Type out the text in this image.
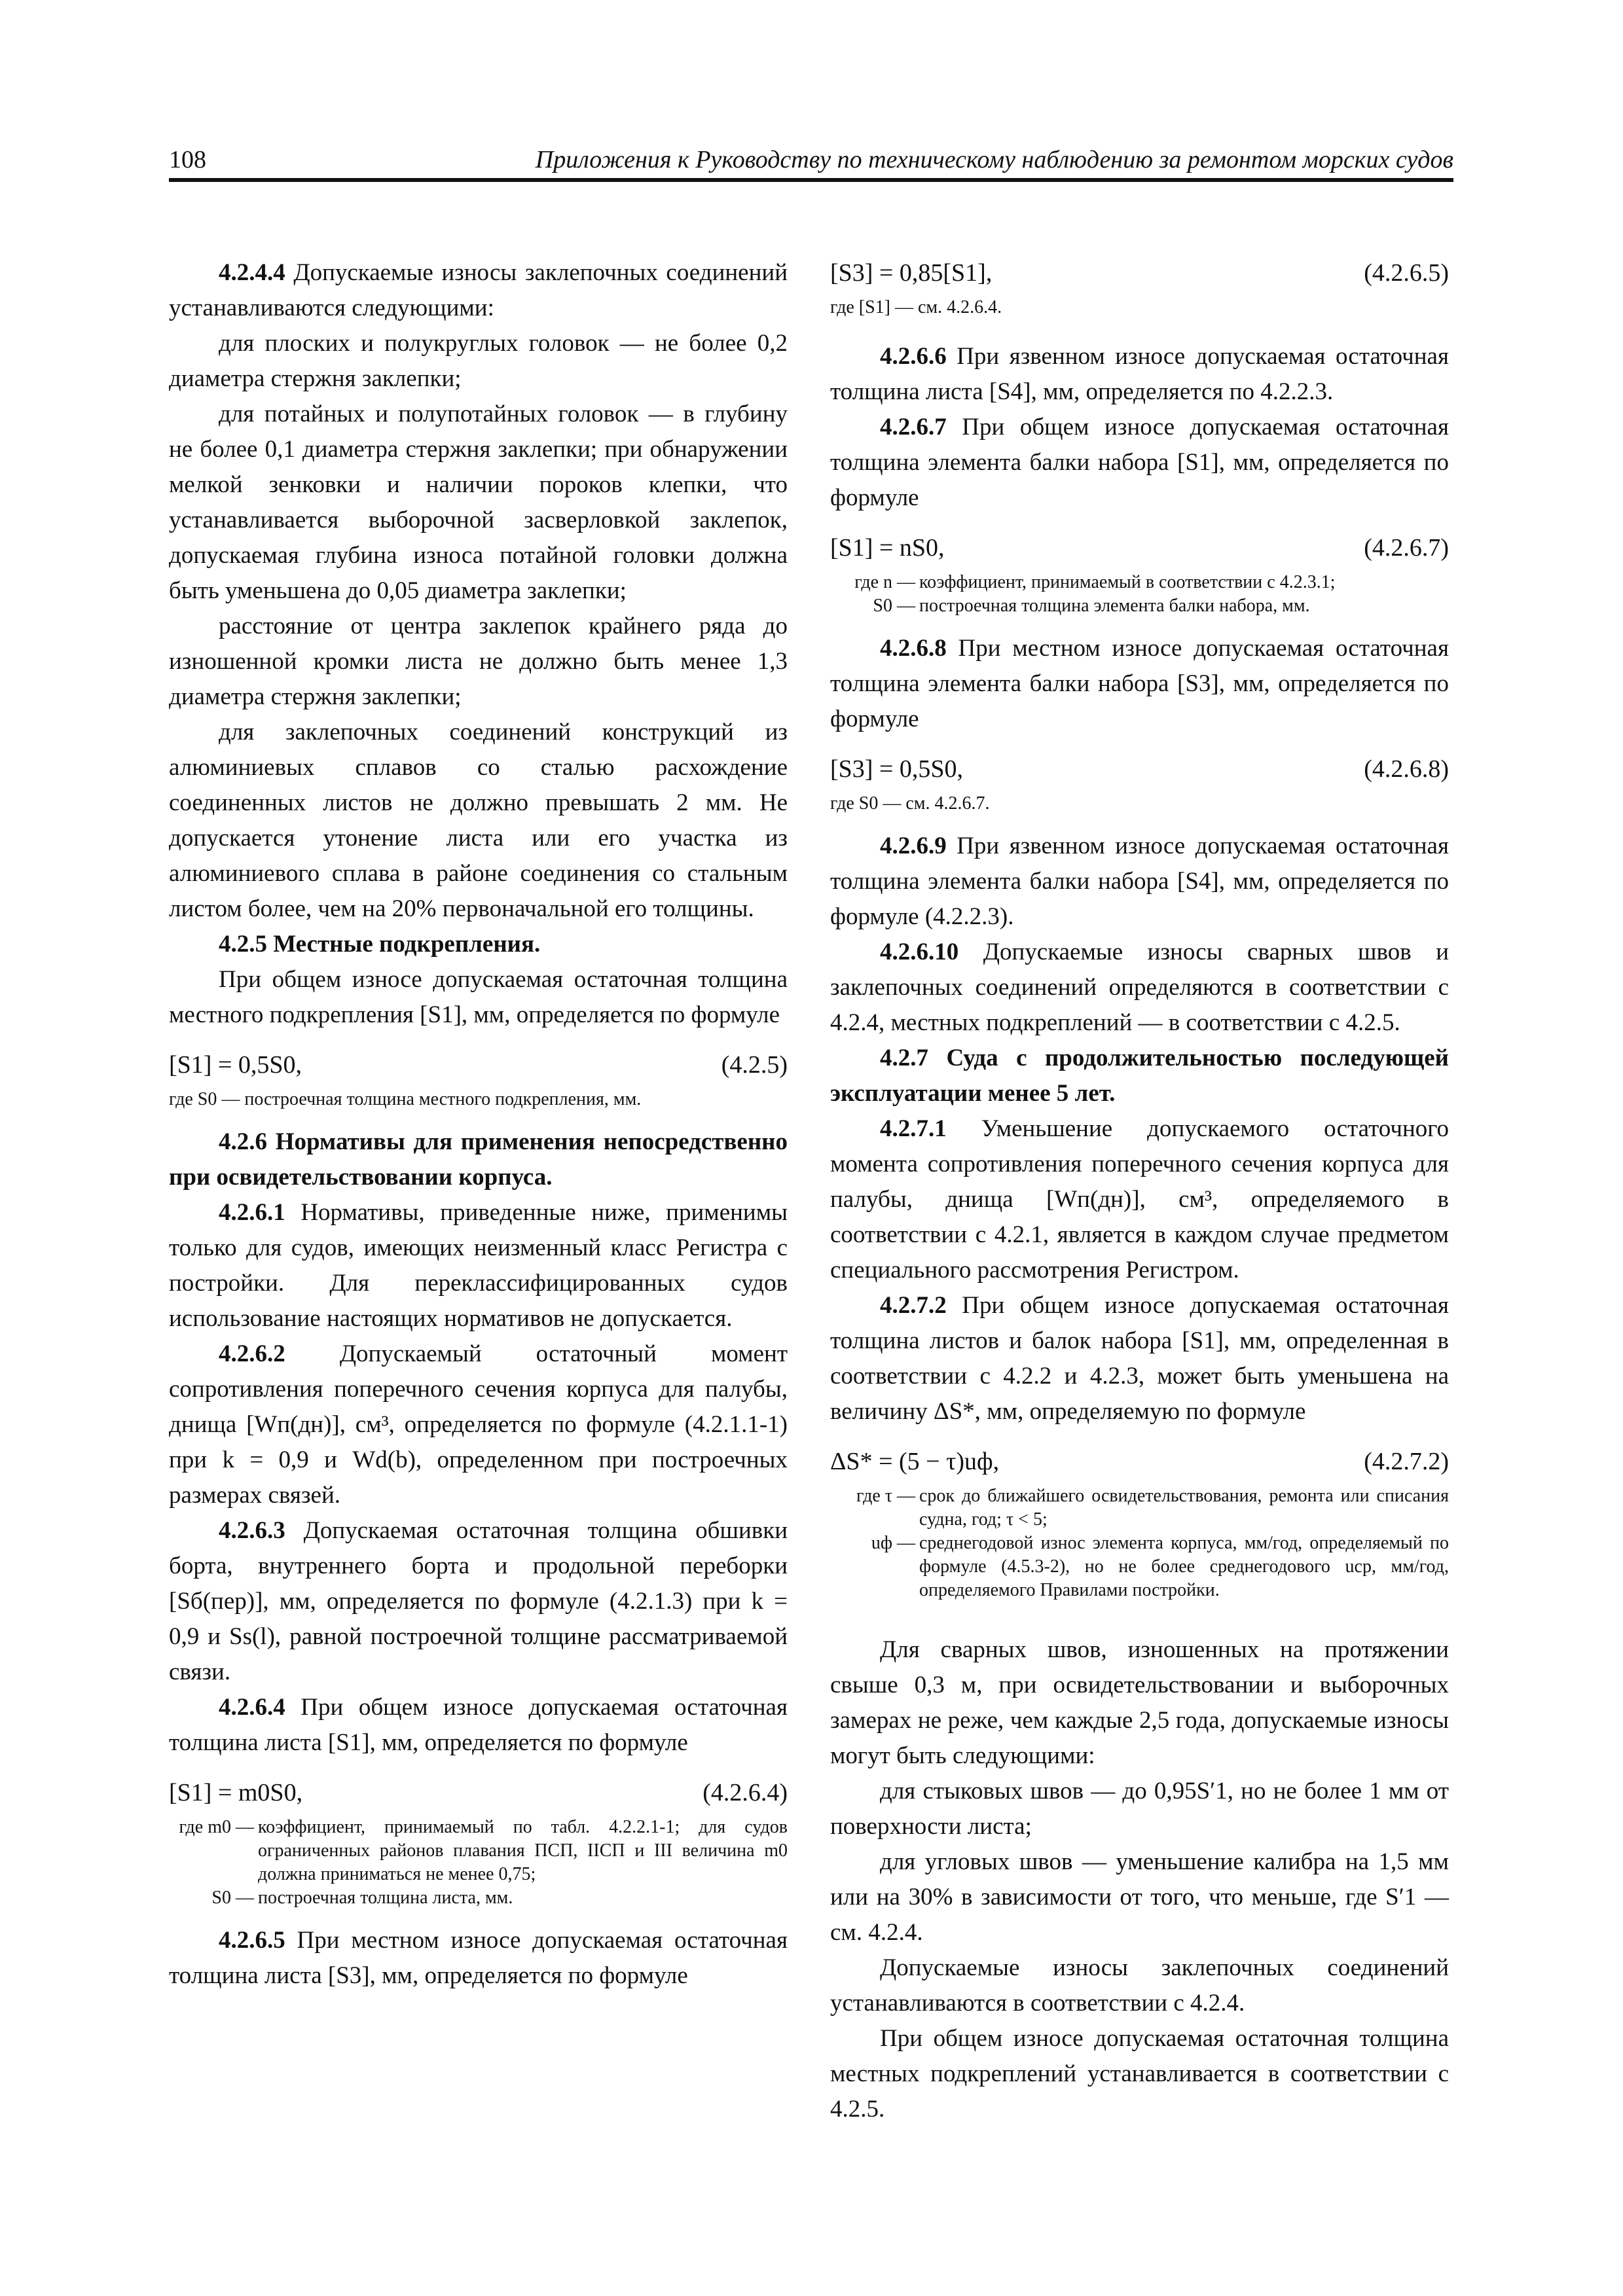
108	Приложения к Руководству по техническому наблюдению за ремонтом морских судов

4.2.4.4 Допускаемые износы заклепочных соединений устанавливаются следующими:

для плоских и полукруглых головок — не более 0,2 диаметра стержня заклепки;

для потайных и полупотайных головок — в глубину не более 0,1 диаметра стержня заклепки; при обнаружении мелкой зенковки и наличии пороков клепки, что устанавливается выборочной засверловкой заклепок, допускаемая глубина износа потайной головки должна быть уменьшена до 0,05 диаметра заклепки;

расстояние от центра заклепок крайнего ряда до изношенной кромки листа не должно быть менее 1,3 диаметра стержня заклепки;

для заклепочных соединений конструкций из алюминиевых сплавов со сталью расхождение соединенных листов не должно превышать 2 мм. Не допускается утонение листа или его участка из алюминиевого сплава в районе соединения со стальным листом более, чем на 20% первоначальной его толщины.

4.2.5 Местные подкрепления.

При общем износе допускаемая остаточная толщина местного подкрепления [S1], мм, определяется по формуле

[S1] = 0,5S0,	(4.2.5)
где S0 — построечная толщина местного подкрепления, мм.

4.2.6 Нормативы для применения непосредственно при освидетельствовании корпуса.

4.2.6.1 Нормативы, приведенные ниже, применимы только для судов, имеющих неизменный класс Регистра с постройки. Для переклассифицированных судов использование настоящих нормативов не допускается.

4.2.6.2 Допускаемый остаточный момент сопротивления поперечного сечения корпуса для палубы, днища [Wп(дн)], см³, определяется по формуле (4.2.1.1-1) при k = 0,9 и Wd(b), определенном при построечных размерах связей.

4.2.6.3 Допускаемая остаточная толщина обшивки борта, внутреннего борта и продольной переборки [Sб(пер)], мм, определяется по формуле (4.2.1.3) при k = 0,9 и Ss(l), равной построечной толщине рассматриваемой связи.

4.2.6.4 При общем износе допускаемая остаточная толщина листа [S1], мм, определяется по формуле

[S1] = m0S0,	(4.2.6.4)
где m0 — коэффициент, принимаемый по табл. 4.2.2.1-1; для судов ограниченных районов плавания ПСП, IIСП и III величина m0 должна приниматься не менее 0,75;
S0 — построечная толщина листа, мм.

4.2.6.5 При местном износе допускаемая остаточная толщина листа [S3], мм, определяется по формуле

[S3] = 0,85[S1],	(4.2.6.5)
где [S1] — см. 4.2.6.4.

4.2.6.6 При язвенном износе допускаемая остаточная толщина листа [S4], мм, определяется по 4.2.2.3.

4.2.6.7 При общем износе допускаемая остаточная толщина элемента балки набора [S1], мм, определяется по формуле

[S1] = nS0,	(4.2.6.7)
где n — коэффициент, принимаемый в соответствии с 4.2.3.1;
S0 — построечная толщина элемента балки набора, мм.

4.2.6.8 При местном износе допускаемая остаточная толщина элемента балки набора [S3], мм, определяется по формуле

[S3] = 0,5S0,	(4.2.6.8)
где S0 — см. 4.2.6.7.

4.2.6.9 При язвенном износе допускаемая остаточная толщина элемента балки набора [S4], мм, определяется по формуле (4.2.2.3).

4.2.6.10 Допускаемые износы сварных швов и заклепочных соединений определяются в соответствии с 4.2.4, местных подкреплений — в соответствии с 4.2.5.

4.2.7 Суда с продолжительностью последующей эксплуатации менее 5 лет.

4.2.7.1 Уменьшение допускаемого остаточного момента сопротивления поперечного сечения корпуса для палубы, днища [Wп(дн)], см³, определяемого в соответствии с 4.2.1, является в каждом случае предметом специального рассмотрения Регистром.

4.2.7.2 При общем износе допускаемая остаточная толщина листов и балок набора [S1], мм, определенная в соответствии с 4.2.2 и 4.2.3, может быть уменьшена на величину ΔS*, мм, определяемую по формуле

ΔS* = (5 − τ)uф,	(4.2.7.2)
где τ — срок до ближайшего освидетельствования, ремонта или списания судна, год; τ < 5;
uф — среднегодовой износ элемента корпуса, мм/год, определяемый по формуле (4.5.3-2), но не более среднегодового uср, мм/год, определяемого Правилами постройки.

Для сварных швов, изношенных на протяжении свыше 0,3 м, при освидетельствовании и выборочных замерах не реже, чем каждые 2,5 года, допускаемые износы могут быть следующими:

для стыковых швов — до 0,95S′1, но не более 1 мм от поверхности листа;

для угловых швов — уменьшение калибра на 1,5 мм или на 30% в зависимости от того, что меньше, где S′1 — см. 4.2.4.

Допускаемые износы заклепочных соединений устанавливаются в соответствии с 4.2.4.

При общем износе допускаемая остаточная толщина местных подкреплений устанавливается в соответствии с 4.2.5.
